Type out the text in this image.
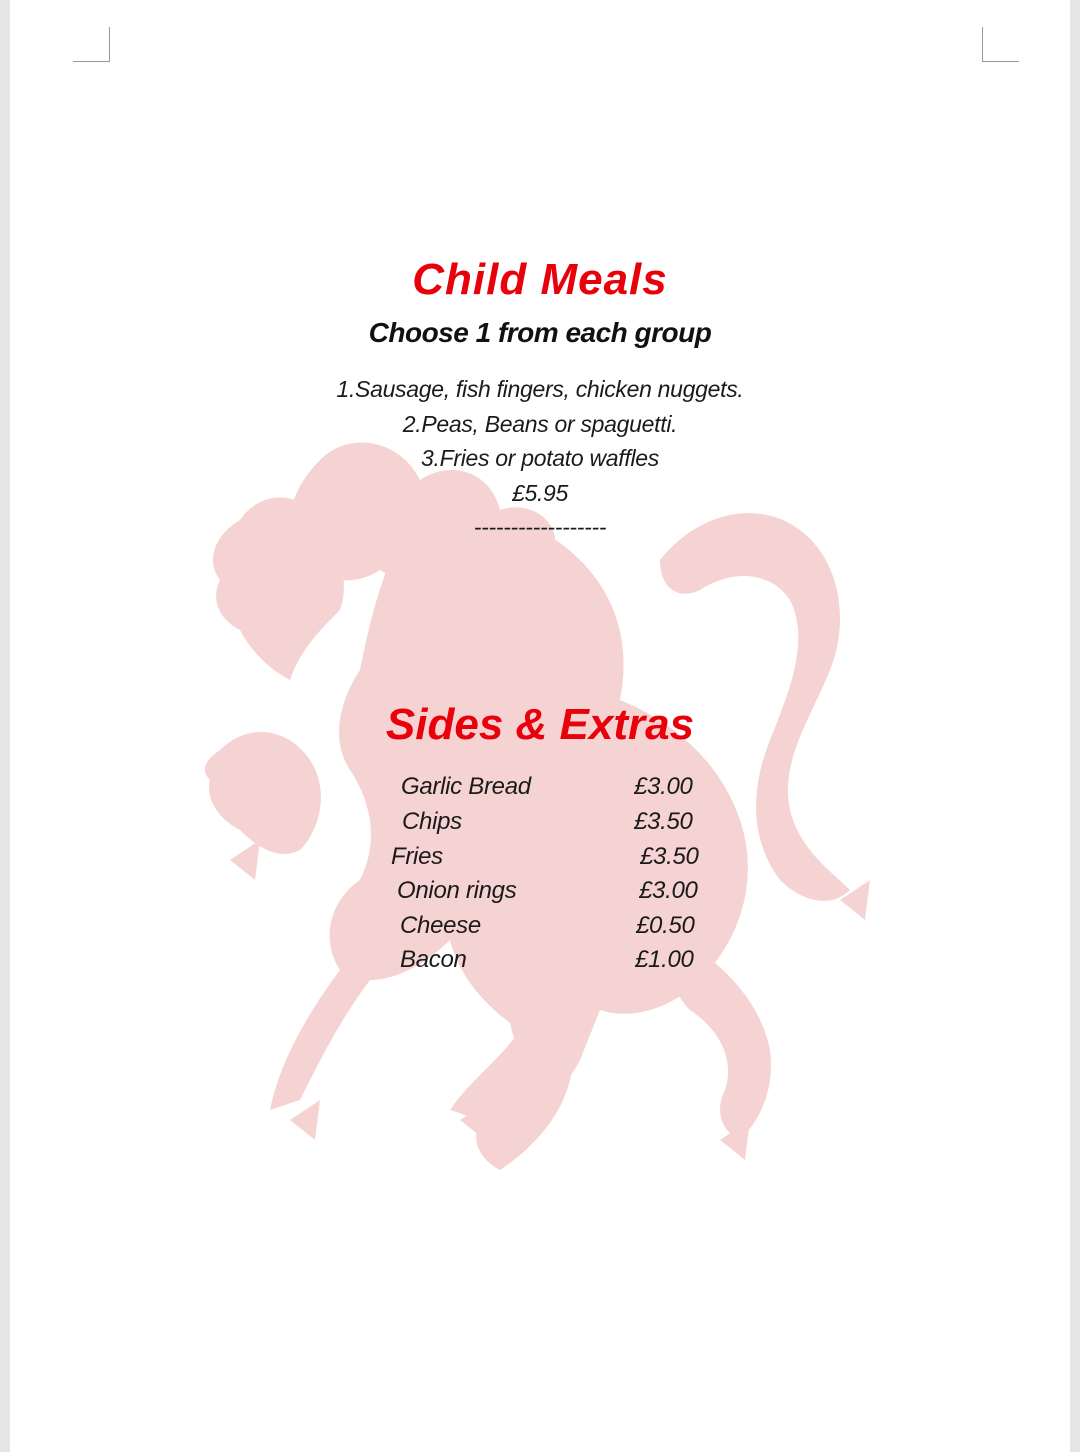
Child Meals
Choose 1 from each group
1.Sausage, fish fingers, chicken nuggets.
2.Peas, Beans or spaguetti.
3.Fries or potato waffles
£5.95
------------------
Sides & Extras
Garlic Bread	£3.00
Chips	£3.50
Fries	£3.50
Onion rings	£3.00
Cheese	£0.50
Bacon	£1.00
